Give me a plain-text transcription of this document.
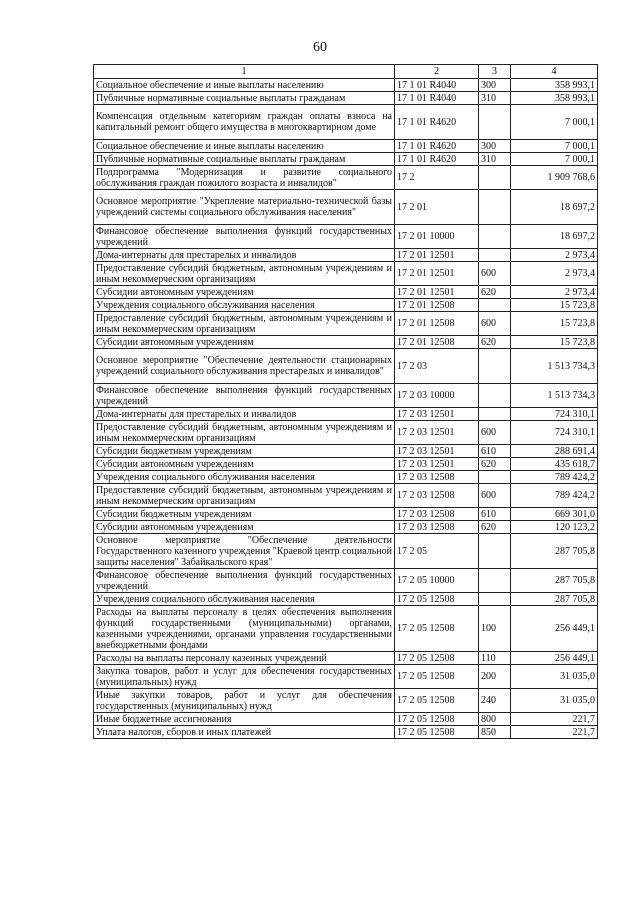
60
1	2	3	4
Социальное обеспечение и иные выплаты населению	17 1 01 R4040	300	358 993,1
Публичные нормативные социальные выплаты гражданам	17 1 01 R4040	310	358 993,1
Компенсация отдельным категориям граждан оплаты взноса на капитальный ремонт общего имущества в многоквартирном доме	17 1 01 R4620		7 000,1
Социальное обеспечение и иные выплаты населению	17 1 01 R4620	300	7 000,1
Публичные нормативные социальные выплаты гражданам	17 1 01 R4620	310	7 000,1
Подпрограмма "Модернизация и развитие социального обслуживания граждан пожилого возраста и инвалидов"	17 2		1 909 768,6
Основное мероприятие "Укрепление материально-технической базы учреждений системы социального обслуживания населения"	17 2 01		18 697,2
Финансовое обеспечение выполнения функций государственных учреждений	17 2 01 10000		18 697,2
Дома-интернаты для престарелых и инвалидов	17 2 01 12501		2 973,4
Предоставление субсидий бюджетным, автономным учреждениям и иным некоммерческим организациям	17 2 01 12501	600	2 973,4
Субсидии автономным учреждениям	17 2 01 12501	620	2 973,4
Учреждения социального обслуживания населения	17 2 01 12508		15 723,8
Предоставление субсидий бюджетным, автономным учреждениям и иным некоммерческим организациям	17 2 01 12508	600	15 723,8
Субсидии автономным учреждениям	17 2 01 12508	620	15 723,8
Основное мероприятие "Обеспечение деятельности стационарных учреждений социального обслуживания престарелых и инвалидов"	17 2 03		1 513 734,3
Финансовое обеспечение выполнения функций государственных учреждений	17 2 03 10000		1 513 734,3
Дома-интернаты для престарелых и инвалидов	17 2 03 12501		724 310,1
Предоставление субсидий бюджетным, автономным учреждениям и иным некоммерческим организациям	17 2 03 12501	600	724 310,1
Субсидии бюджетным учреждениям	17 2 03 12501	610	288 691,4
Субсидии автономным учреждениям	17 2 03 12501	620	435 618,7
Учреждения социального обслуживания населения	17 2 03 12508		789 424,2
Предоставление субсидий бюджетным, автономным учреждениям и иным некоммерческим организациям	17 2 03 12508	600	789 424,2
Субсидии бюджетным учреждениям	17 2 03 12508	610	669 301,0
Субсидии автономным учреждениям	17 2 03 12508	620	120 123,2
Основное мероприятие "Обеспечение деятельности Государственного казенного учреждения "Краевой центр социальной защиты населения" Забайкальского края"	17 2 05		287 705,8
Финансовое обеспечение выполнения функций государственных учреждений	17 2 05 10000		287 705,8
Учреждения социального обслуживания населения	17 2 05 12508		287 705,8
Расходы на выплаты персоналу в целях обеспечения выполнения функций государственными (муниципальными) органами, казенными учреждениями, органами управления государственными внебюджетными фондами	17 2 05 12508	100	256 449,1
Расходы на выплаты персоналу казенных учреждений	17 2 05 12508	110	256 449,1
Закупка товаров, работ и услуг для обеспечения государственных (муниципальных) нужд	17 2 05 12508	200	31 035,0
Иные закупки товаров, работ и услуг для обеспечения государственных (муниципальных) нужд	17 2 05 12508	240	31 035,0
Иные бюджетные ассигнования	17 2 05 12508	800	221,7
Уплата налогов, сборов и иных платежей	17 2 05 12508	850	221,7
